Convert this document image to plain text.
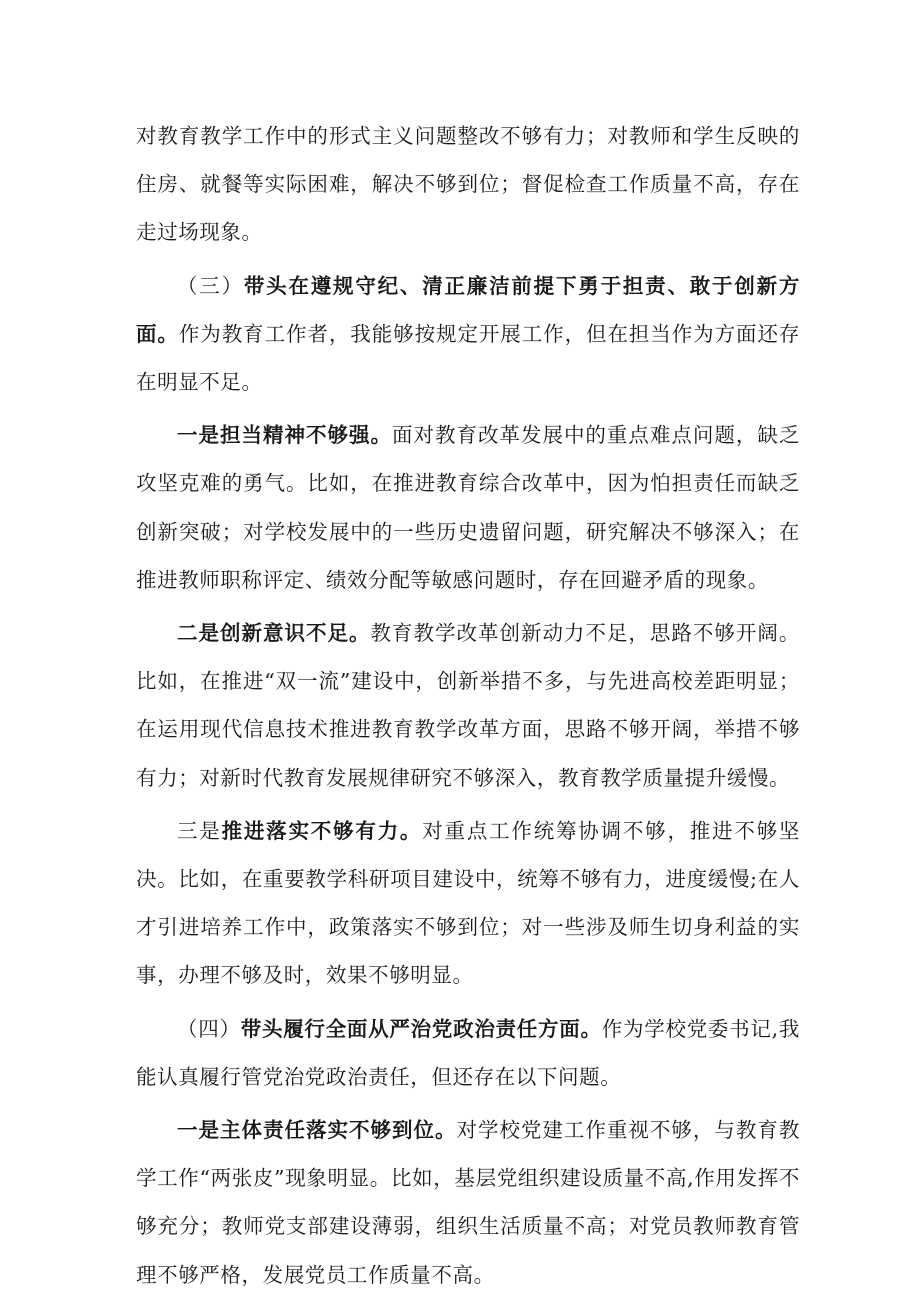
对教育教学工作中的形式主义问题整改不够有力；对教师和学生反映的住房、就餐等实际困难，解决不够到位；督促检查工作质量不高，存在走过场现象。

（三）带头在遵规守纪、清正廉洁前提下勇于担责、敢于创新方面。作为教育工作者，我能够按规定开展工作，但在担当作为方面还存在明显不足。

一是担当精神不够强。面对教育改革发展中的重点难点问题，缺乏攻坚克难的勇气。比如，在推进教育综合改革中，因为怕担责任而缺乏创新突破；对学校发展中的一些历史遗留问题，研究解决不够深入；在推进教师职称评定、绩效分配等敏感问题时，存在回避矛盾的现象。

二是创新意识不足。教育教学改革创新动力不足，思路不够开阔。比如，在推进“双一流”建设中，创新举措不多，与先进高校差距明显；在运用现代信息技术推进教育教学改革方面，思路不够开阔，举措不够有力；对新时代教育发展规律研究不够深入，教育教学质量提升缓慢。

三是推进落实不够有力。对重点工作统筹协调不够，推进不够坚决。比如，在重要教学科研项目建设中，统筹不够有力，进度缓慢;在人才引进培养工作中，政策落实不够到位；对一些涉及师生切身利益的实事，办理不够及时，效果不够明显。

（四）带头履行全面从严治党政治责任方面。作为学校党委书记,我能认真履行管党治党政治责任，但还存在以下问题。

一是主体责任落实不够到位。对学校党建工作重视不够，与教育教学工作“两张皮”现象明显。比如，基层党组织建设质量不高,作用发挥不够充分；教师党支部建设薄弱，组织生活质量不高；对党员教师教育管理不够严格，发展党员工作质量不高。
